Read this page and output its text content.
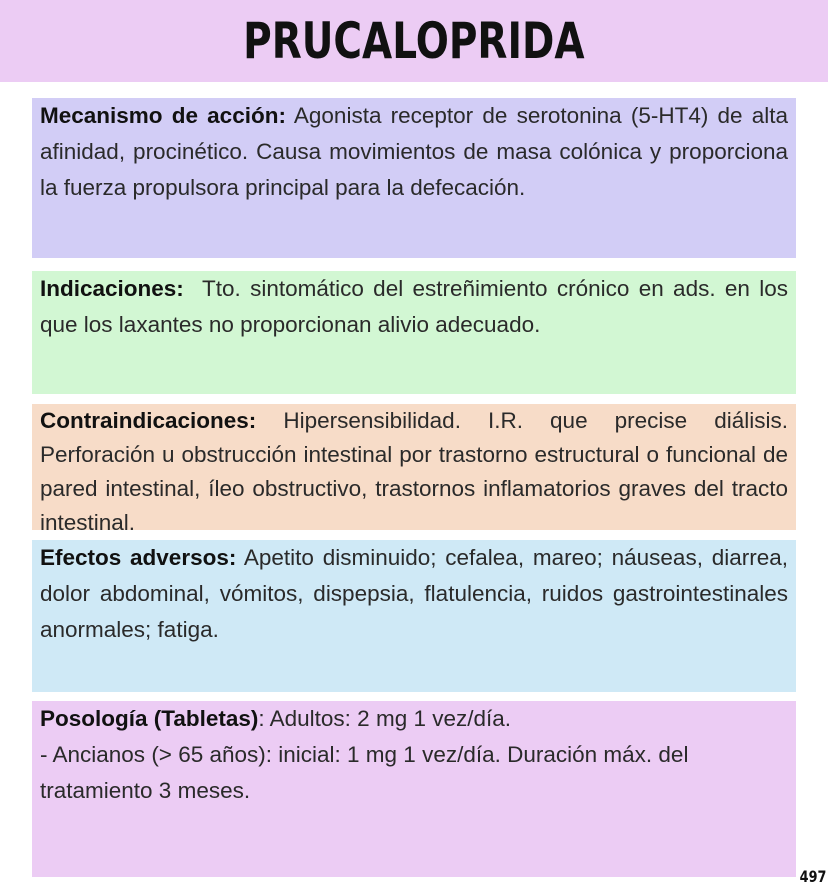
PRUCALOPRIDA

Mecanismo de acción: Agonista receptor de serotonina (5-HT4) de alta afinidad, procinético. Causa movimientos de masa colónica y proporciona la fuerza propulsora principal para la defecación.

Indicaciones:  Tto. sintomático del estreñimiento crónico en ads. en los que los laxantes no proporcionan alivio adecuado.

Contraindicaciones: Hipersensibilidad. I.R. que precise diálisis. Perforación u obstrucción intestinal por trastorno estructural o funcional de pared intestinal, íleo obstructivo, trastornos inflamatorios graves del tracto intestinal.

Efectos adversos: Apetito disminuido; cefalea, mareo; náuseas, diarrea, dolor abdominal, vómitos, dispepsia, flatulencia, ruidos gastrointestinales anormales; fatiga.

Posología (Tabletas): Adultos: 2 mg 1 vez/día.

- Ancianos (> 65 años): inicial: 1 mg 1 vez/día. Duración máx. del tratamiento 3 meses.

497
